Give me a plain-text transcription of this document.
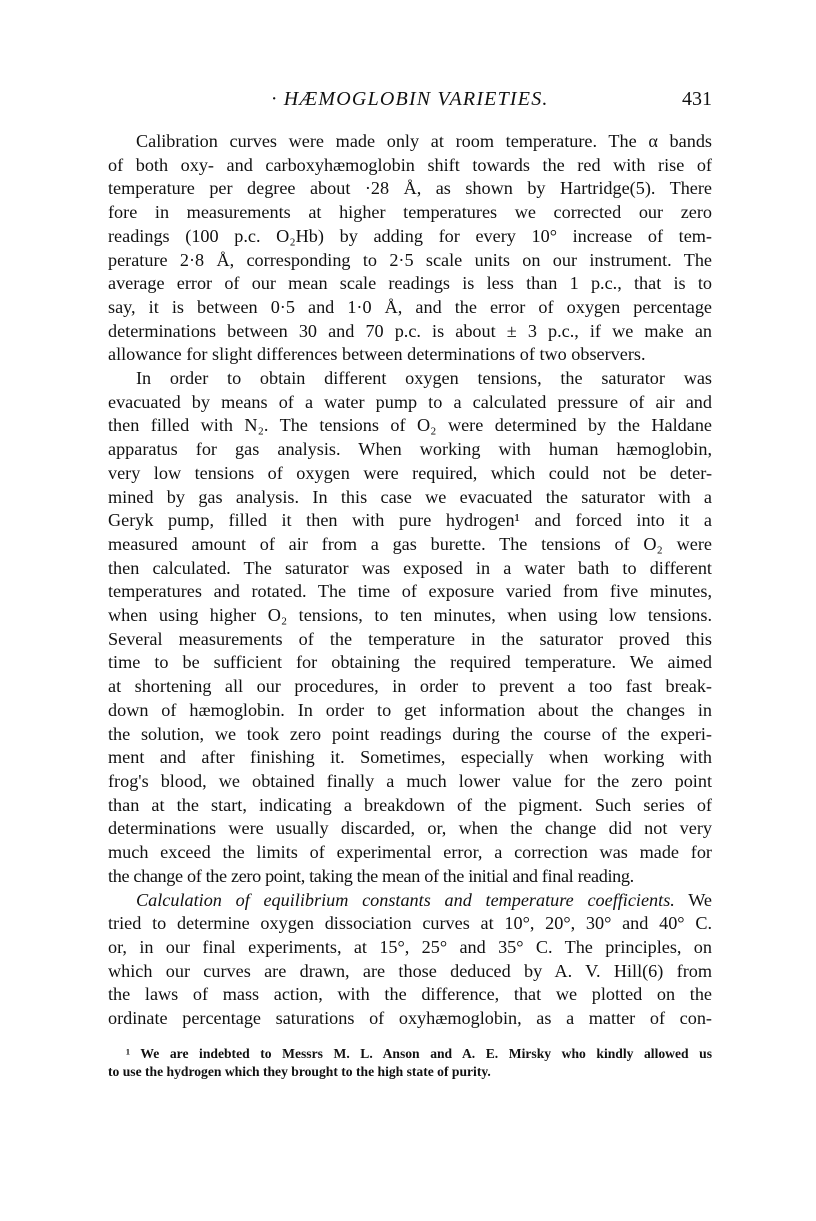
· HÆMOGLOBIN VARIETIES.	431
Calibration curves were made only at room temperature. The α bands
of both oxy- and carboxyhæmoglobin shift towards the red with rise of
temperature per degree about ·28 Å, as shown by Hartridge(5). There
fore in measurements at higher temperatures we corrected our zero
readings (100 p.c. O₂Hb) by adding for every 10° increase of tem-
perature 2·8 Å, corresponding to 2·5 scale units on our instrument. The
average error of our mean scale readings is less than 1 p.c., that is to
say, it is between 0·5 and 1·0 Å, and the error of oxygen percentage
determinations between 30 and 70 p.c. is about ± 3 p.c., if we make an
allowance for slight differences between determinations of two observers.
In order to obtain different oxygen tensions, the saturator was
evacuated by means of a water pump to a calculated pressure of air and
then filled with N₂. The tensions of O₂ were determined by the Haldane
apparatus for gas analysis. When working with human hæmoglobin,
very low tensions of oxygen were required, which could not be deter-
mined by gas analysis. In this case we evacuated the saturator with a
Geryk pump, filled it then with pure hydrogen¹ and forced into it a
measured amount of air from a gas burette. The tensions of O₂ were
then calculated. The saturator was exposed in a water bath to different
temperatures and rotated. The time of exposure varied from five minutes,
when using higher O₂ tensions, to ten minutes, when using low tensions.
Several measurements of the temperature in the saturator proved this
time to be sufficient for obtaining the required temperature. We aimed
at shortening all our procedures, in order to prevent a too fast break-
down of hæmoglobin. In order to get information about the changes in
the solution, we took zero point readings during the course of the experi-
ment and after finishing it. Sometimes, especially when working with
frog's blood, we obtained finally a much lower value for the zero point
than at the start, indicating a breakdown of the pigment. Such series of
determinations were usually discarded, or, when the change did not very
much exceed the limits of experimental error, a correction was made for
the change of the zero point, taking the mean of the initial and final reading.
Calculation of equilibrium constants and temperature coefficients. We
tried to determine oxygen dissociation curves at 10°, 20°, 30° and 40° C.
or, in our final experiments, at 15°, 25° and 35° C. The principles, on
which our curves are drawn, are those deduced by A. V. Hill(6) from
the laws of mass action, with the difference, that we plotted on the
ordinate percentage saturations of oxyhæmoglobin, as a matter of con-
¹ We are indebted to Messrs M. L. Anson and A. E. Mirsky who kindly allowed us
to use the hydrogen which they brought to the high state of purity.
